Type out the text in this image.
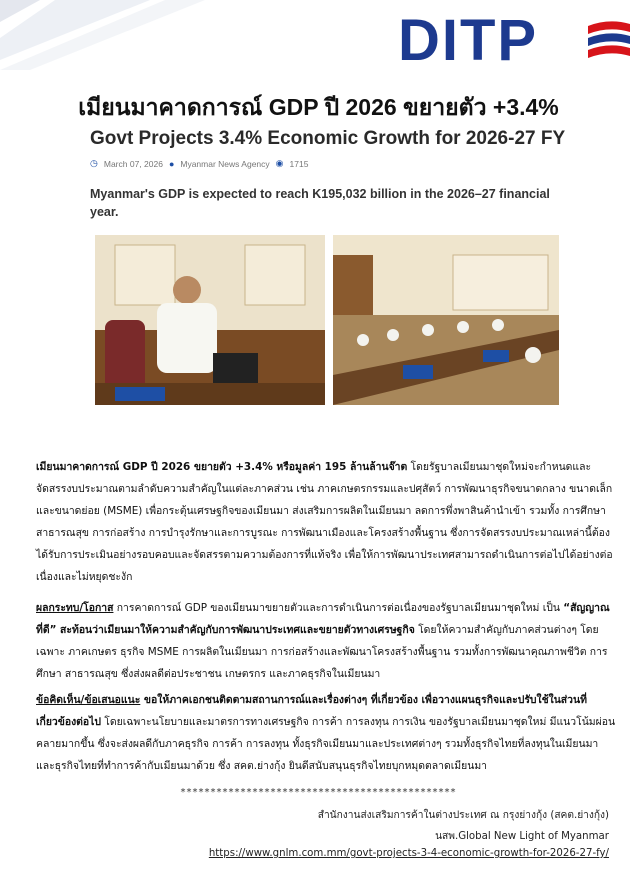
DITP
เมียนมาคาดการณ์ GDP ปี 2026 ขยายตัว +3.4%
Govt Projects 3.4% Economic Growth for 2026-27 FY
◷ March 07, 2026 ● Myanmar News Agency ◉ 1715
Myanmar's GDP is expected to reach K195,032 billion in the 2026–27 financial year.
เมียนมาคาดการณ์ GDP ปี 2026 ขยายตัว +3.4% หรือมูลค่า 195 ล้านล้านจ๊าต โดยรัฐบาลเมียนมาชุดใหม่จะกำหนดและจัดสรรงบประมาณตามลำดับความสำคัญในแต่ละภาคส่วน เช่น ภาคเกษตรกรรมและปศุสัตว์ การพัฒนาธุรกิจขนาดกลาง ขนาดเล็กและขนาดย่อย (MSME) เพื่อกระตุ้นเศรษฐกิจของเมียนมา ส่งเสริมการผลิตในเมียนมา ลดการพึ่งพาสินค้านำเข้า รวมทั้ง การศึกษา สาธารณสุข การก่อสร้าง การบำรุงรักษาและการบูรณะ การพัฒนาเมืองและโครงสร้างพื้นฐาน ซึ่งการจัดสรรงบประมาณเหล่านี้ต้องได้รับการประเมินอย่างรอบคอบและจัดสรรตามความต้องการที่แท้จริง เพื่อให้การพัฒนาประเทศสามารถดำเนินการต่อไปได้อย่างต่อเนื่องและไม่หยุดชะงัก
ผลกระทบ/โอกาส การคาดการณ์ GDP ของเมียนมาขยายตัวและการดำเนินการต่อเนื่องของรัฐบาลเมียนมาชุดใหม่ เป็น “สัญญาณที่ดี” สะท้อนว่าเมียนมาให้ความสำคัญกับการพัฒนาประเทศและขยายตัวทางเศรษฐกิจ โดยให้ความสำคัญกับภาคส่วนต่างๆ โดยเฉพาะ ภาคเกษตร ธุรกิจ MSME การผลิตในเมียนมา การก่อสร้างและพัฒนาโครงสร้างพื้นฐาน รวมทั้งการพัฒนาคุณภาพชีวิต การศึกษา สาธารณสุข ซึ่งส่งผลดีต่อประชาชน เกษตรกร และภาคธุรกิจในเมียนมา
ข้อคิดเห็น/ข้อเสนอแนะ ขอให้ภาคเอกชนติดตามสถานการณ์และเรื่องต่างๆ ที่เกี่ยวข้อง เพื่อวางแผนธุรกิจและปรับใช้ในส่วนที่เกี่ยวข้องต่อไป โดยเฉพาะนโยบายและมาตรการทางเศรษฐกิจ การค้า การลงทุน การเงิน ของรัฐบาลเมียนมาชุดใหม่ มีแนวโน้มผ่อนคลายมากขึ้น ซึ่งจะส่งผลดีกับภาคธุรกิจ การค้า การลงทุน ทั้งธุรกิจเมียนมาและประเทศต่างๆ รวมทั้งธุรกิจไทยที่ลงทุนในเมียนมา และธุรกิจไทยที่ทำการค้ากับเมียนมาด้วย ซึ่ง สคต.ย่างกุ้ง ยินดีสนับสนุนธุรกิจไทยบุกหมุดตลาดเมียนมา
**********************************************
สำนักงานส่งเสริมการค้าในต่างประเทศ ณ กรุงย่างกุ้ง (สคต.ย่างกุ้ง)
นสพ.Global New Light of Myanmar
https://www.gnlm.com.mm/govt-projects-3-4-economic-growth-for-2026-27-fy/
